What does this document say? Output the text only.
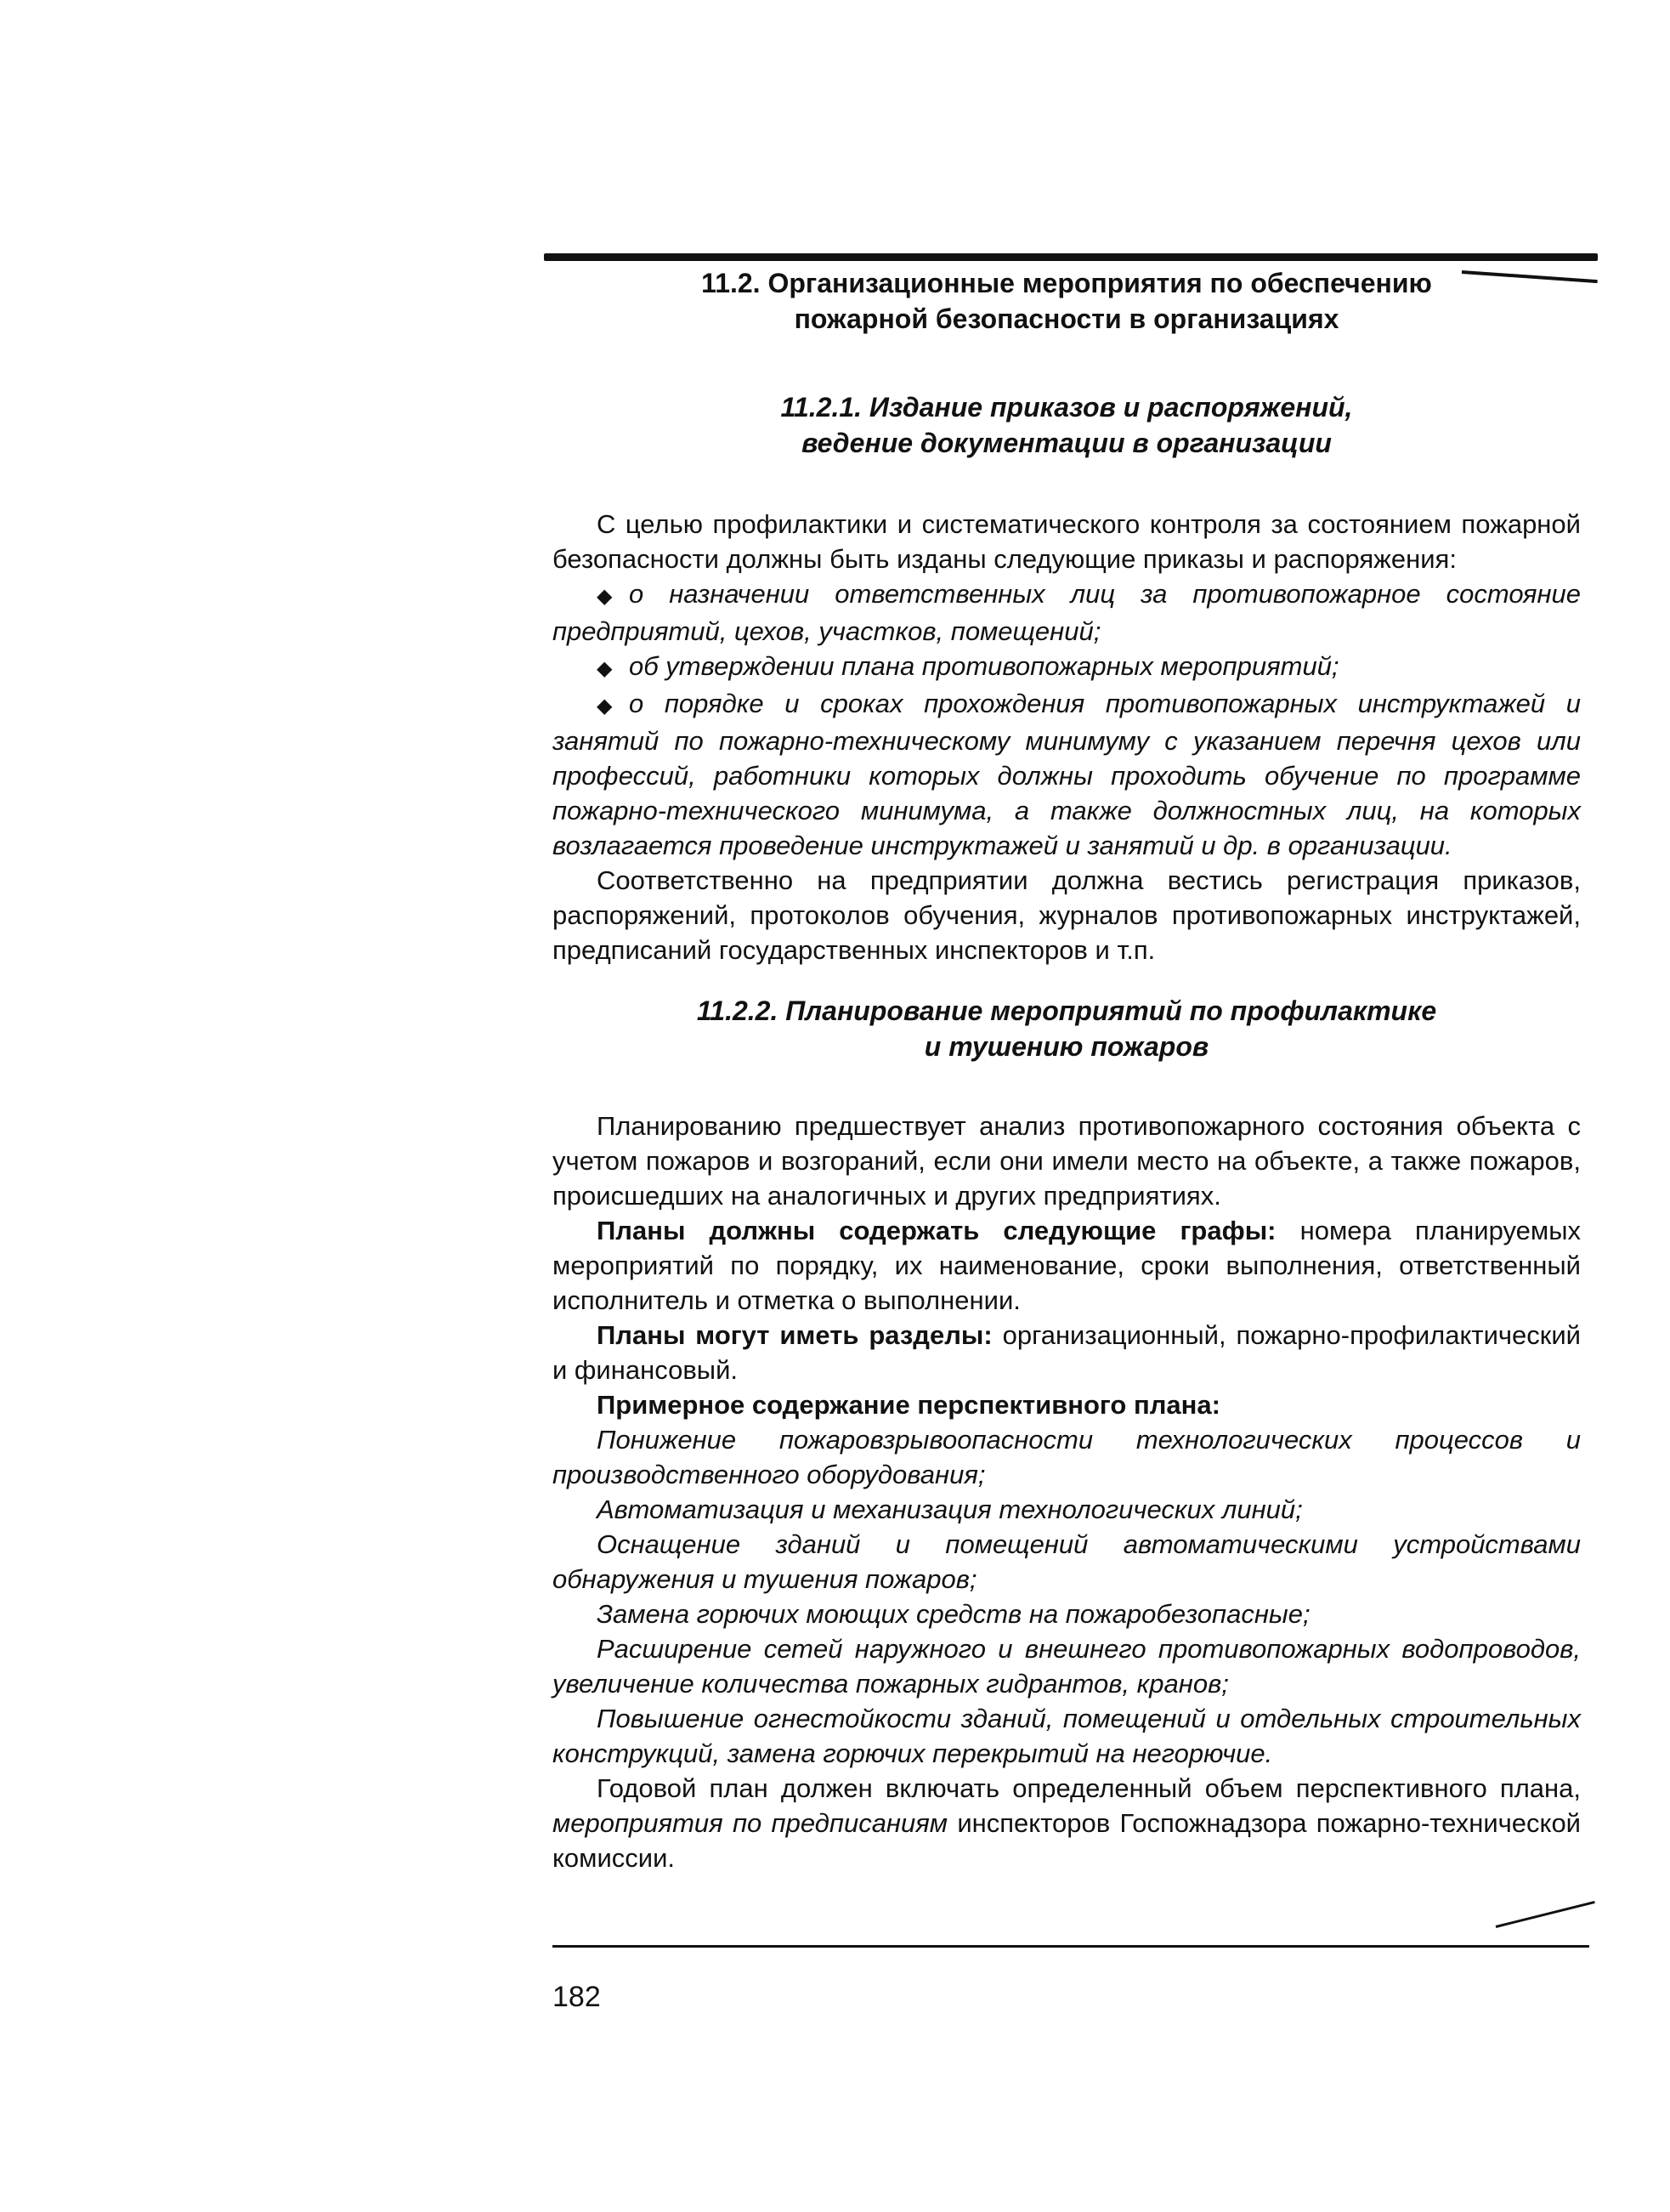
11.2. Организационные мероприятия по обеспечению
пожарной безопасности в организациях
11.2.1. Издание приказов и распоряжений,
ведение документации в организации

С целью профилактики и систематического контроля за состоянием пожарной безопасности должны быть изданы следующие приказы и распоряжения:

◆ о назначении ответственных лиц за противопожарное состояние предприятий, цехов, участков, помещений;

◆ об утверждении плана противопожарных мероприятий;

◆ о порядке и сроках прохождения противопожарных инструктажей и занятий по пожарно-техническому минимуму с указанием перечня цехов или профессий, работники которых должны проходить обучение по программе пожарно-технического минимума, а также должностных лиц, на которых возлагается проведение инструктажей и занятий и др. в организации.

Соответственно на предприятии должна вестись регистрация приказов, распоряжений, протоколов обучения, журналов противопожарных инструктажей, предписаний государственных инспекторов и т.п.

11.2.2. Планирование мероприятий по профилактике
и тушению пожаров

Планированию предшествует анализ противопожарного состояния объекта с учетом пожаров и возгораний, если они имели место на объекте, а также пожаров, происшедших на аналогичных и других предприятиях.

Планы должны содержать следующие графы: номера планируемых мероприятий по порядку, их наименование, сроки выполнения, ответственный исполнитель и отметка о выполнении.

Планы могут иметь разделы: организационный, пожарно-профилактический и финансовый.

Примерное содержание перспективного плана:

Понижение пожаровзрывоопасности технологических процессов и производственного оборудования;

Автоматизация и механизация технологических линий;

Оснащение зданий и помещений автоматическими устройствами обнаружения и тушения пожаров;

Замена горючих моющих средств на пожаробезопасные;

Расширение сетей наружного и внешнего противопожарных водопроводов, увеличение количества пожарных гидрантов, кранов;

Повышение огнестойкости зданий, помещений и отдельных строительных конструкций, замена горючих перекрытий на негорючие.

Годовой план должен включать определенный объем перспективного плана, мероприятия по предписаниям инспекторов Госпожнадзора пожарно-технической комиссии.

182
